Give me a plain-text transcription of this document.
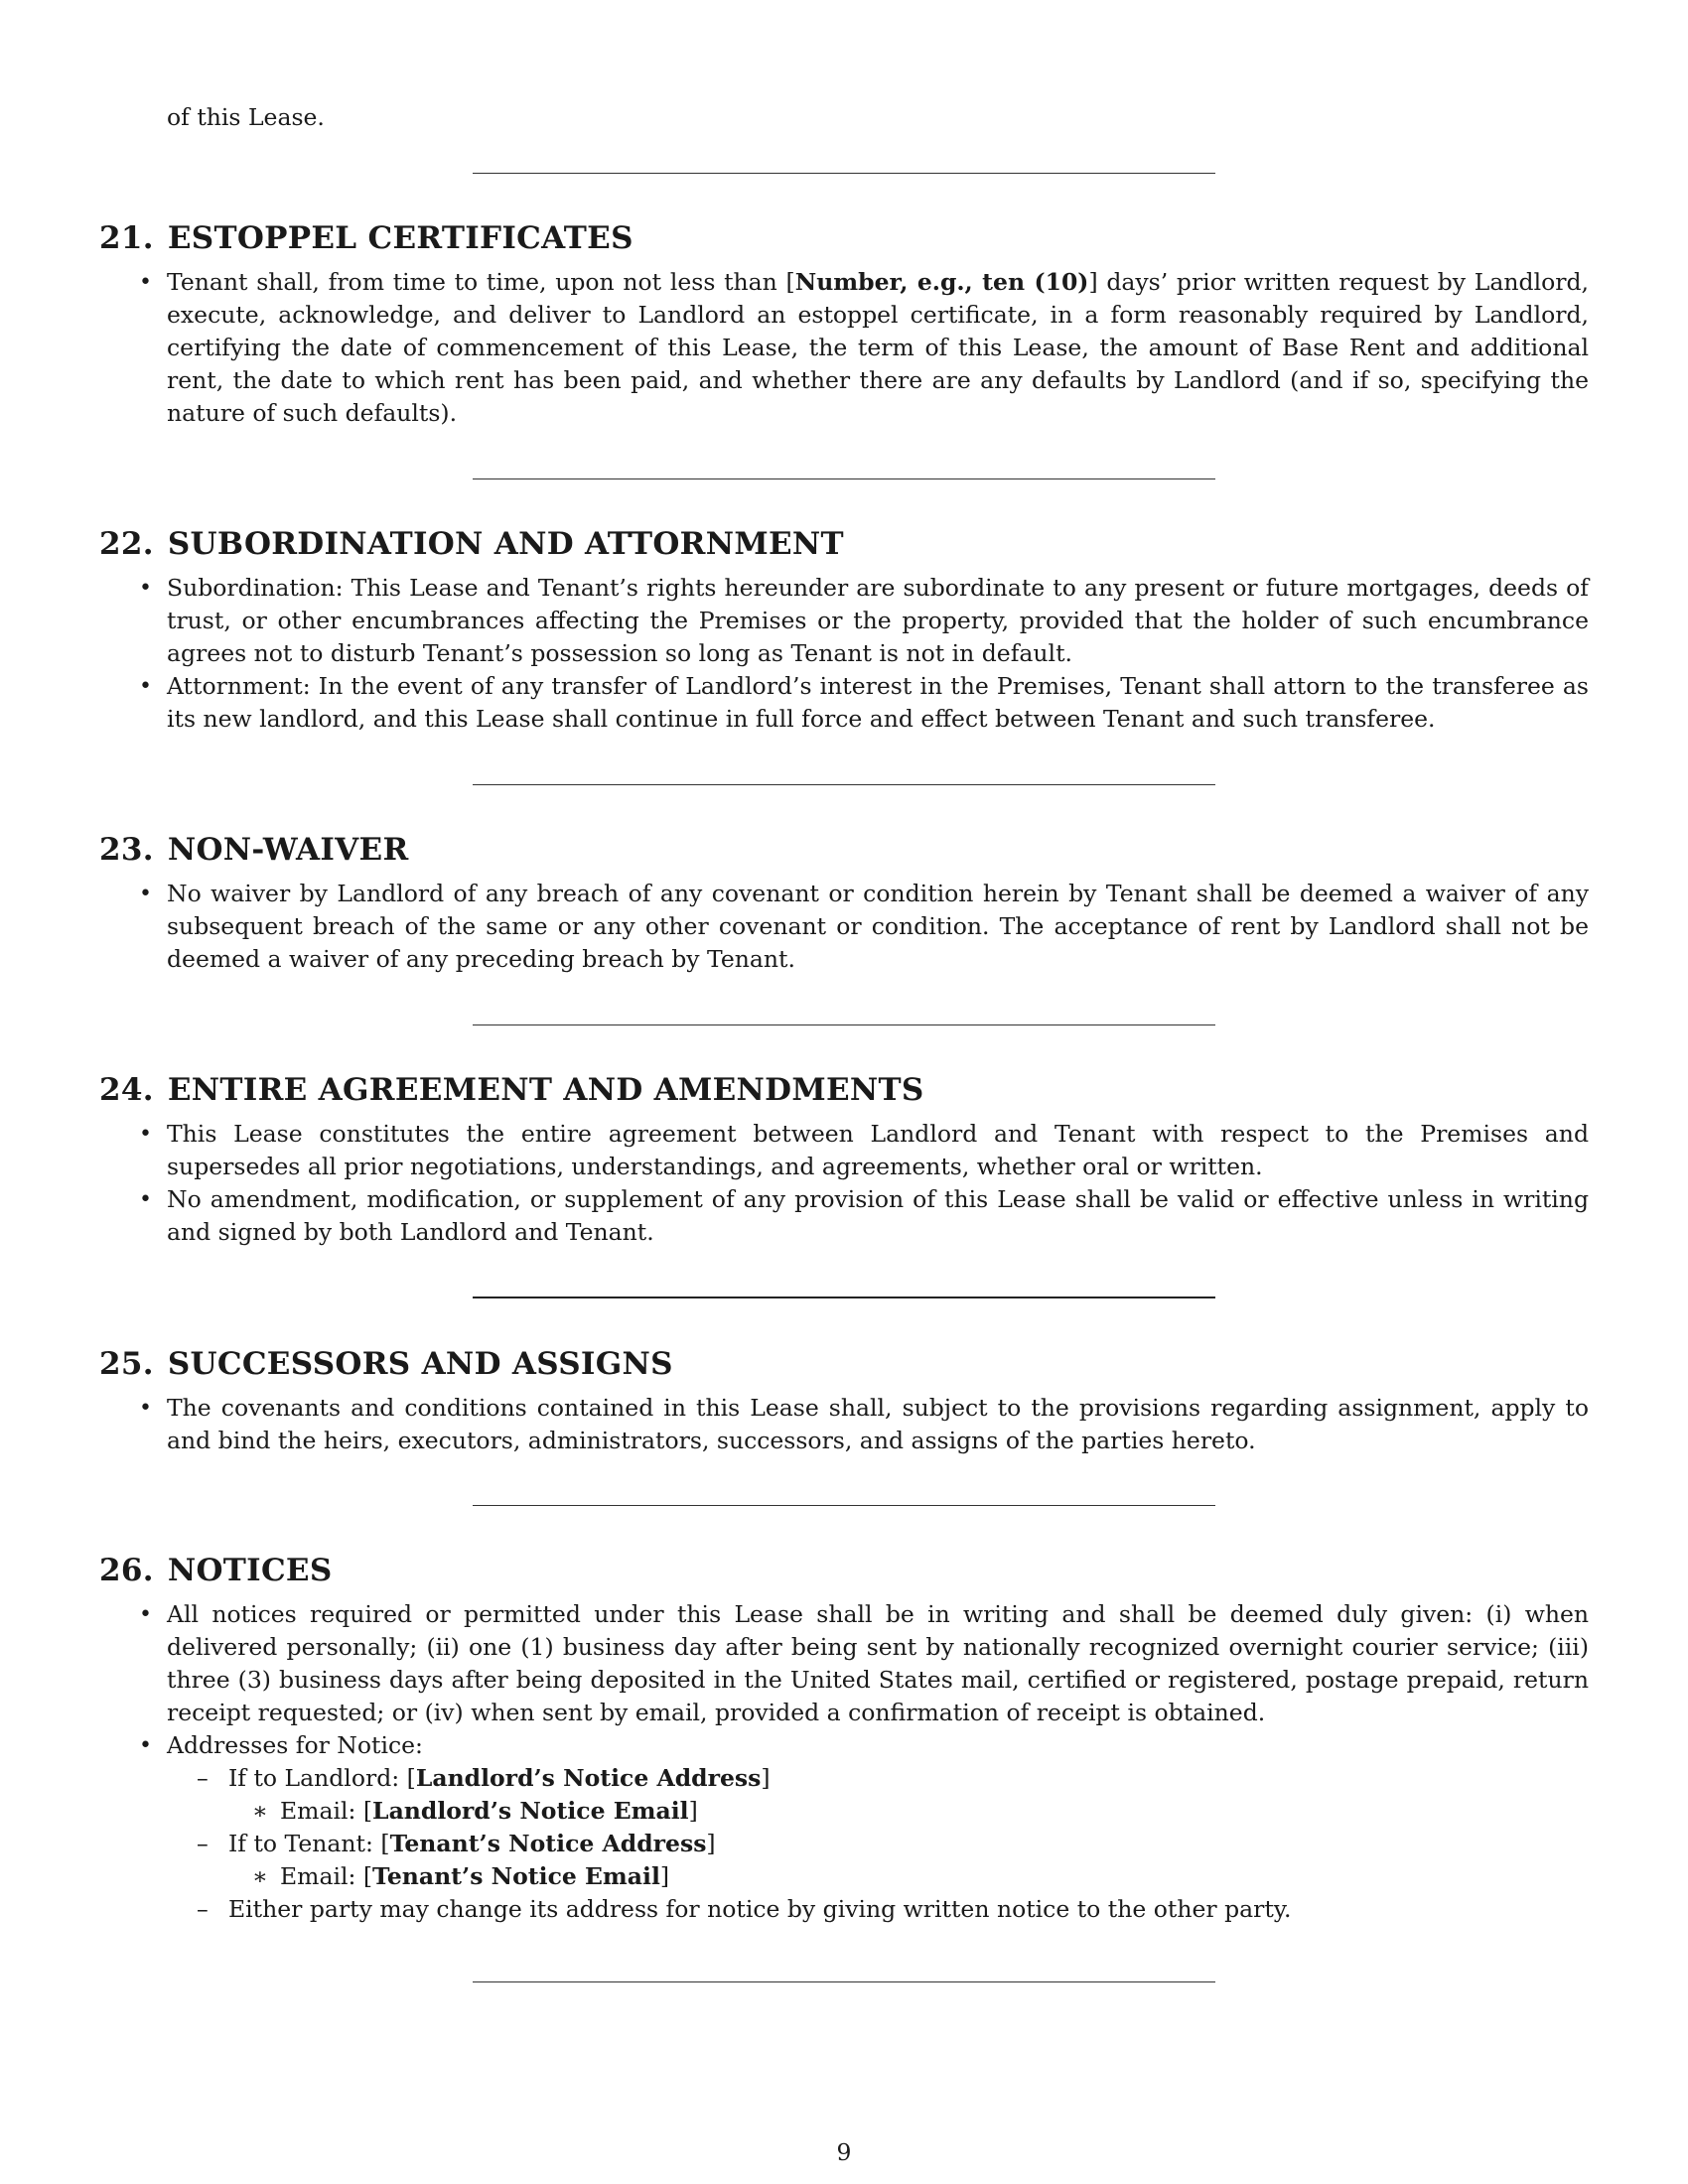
of this Lease.
21. ESTOPPEL CERTIFICATES
• Tenant shall, from time to time, upon not less than [Number, e.g., ten (10)] days’ prior written request by Landlord, execute, acknowledge, and deliver to Landlord an estoppel certificate, in a form reasonably required by Landlord, certifying the date of commencement of this Lease, the term of this Lease, the amount of Base Rent and additional rent, the date to which rent has been paid, and whether there are any defaults by Landlord (and if so, specifying the nature of such defaults).
22. SUBORDINATION AND ATTORNMENT
• Subordination: This Lease and Tenant’s rights hereunder are subordinate to any present or future mortgages, deeds of trust, or other encumbrances affecting the Premises or the property, provided that the holder of such encumbrance agrees not to disturb Tenant’s possession so long as Tenant is not in default.
• Attornment: In the event of any transfer of Landlord’s interest in the Premises, Tenant shall attorn to the transferee as its new landlord, and this Lease shall continue in full force and effect between Tenant and such transferee.
23. NON-WAIVER
• No waiver by Landlord of any breach of any covenant or condition herein by Tenant shall be deemed a waiver of any subsequent breach of the same or any other covenant or condition. The acceptance of rent by Landlord shall not be deemed a waiver of any preceding breach by Tenant.
24. ENTIRE AGREEMENT AND AMENDMENTS
• This Lease constitutes the entire agreement between Landlord and Tenant with respect to the Premises and supersedes all prior negotiations, understandings, and agreements, whether oral or written.
• No amendment, modification, or supplement of any provision of this Lease shall be valid or effective unless in writing and signed by both Landlord and Tenant.
25. SUCCESSORS AND ASSIGNS
• The covenants and conditions contained in this Lease shall, subject to the provisions regarding assignment, apply to and bind the heirs, executors, administrators, successors, and assigns of the parties hereto.
26. NOTICES
• All notices required or permitted under this Lease shall be in writing and shall be deemed duly given: (i) when delivered personally; (ii) one (1) business day after being sent by nationally recognized overnight courier service; (iii) three (3) business days after being deposited in the United States mail, certified or registered, postage prepaid, return receipt requested; or (iv) when sent by email, provided a confirmation of receipt is obtained.
• Addresses for Notice:
– If to Landlord: [Landlord’s Notice Address]
∗ Email: [Landlord’s Notice Email]
– If to Tenant: [Tenant’s Notice Address]
∗ Email: [Tenant’s Notice Email]
– Either party may change its address for notice by giving written notice to the other party.
9
